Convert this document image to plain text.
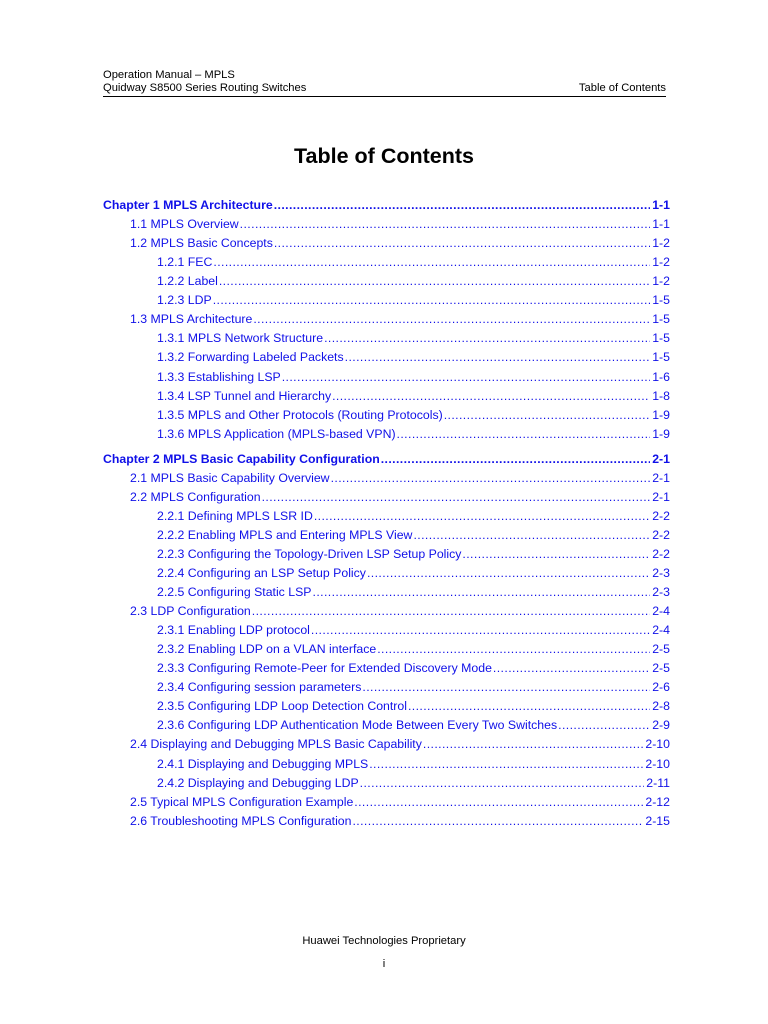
Operation Manual – MPLS
Quidway S8500 Series Routing Switches	Table of Contents
Table of Contents
Chapter 1 MPLS Architecture .....	1-1
1.1 MPLS Overview .....	1-1
1.2 MPLS Basic Concepts .....	1-2
1.2.1 FEC .....	1-2
1.2.2 Label .....	1-2
1.2.3 LDP .....	1-5
1.3 MPLS Architecture .....	1-5
1.3.1 MPLS Network Structure .....	1-5
1.3.2 Forwarding Labeled Packets .....	1-5
1.3.3 Establishing LSP .....	1-6
1.3.4 LSP Tunnel and Hierarchy .....	1-8
1.3.5 MPLS and Other Protocols (Routing Protocols) .....	1-9
1.3.6 MPLS Application (MPLS-based VPN) .....	1-9
Chapter 2 MPLS Basic Capability Configuration .....	2-1
2.1 MPLS Basic Capability Overview .....	2-1
2.2 MPLS Configuration .....	2-1
2.2.1 Defining MPLS LSR ID .....	2-2
2.2.2 Enabling MPLS and Entering MPLS View .....	2-2
2.2.3 Configuring the Topology-Driven LSP Setup Policy .....	2-2
2.2.4 Configuring an LSP Setup Policy .....	2-3
2.2.5 Configuring Static LSP .....	2-3
2.3 LDP Configuration .....	2-4
2.3.1 Enabling LDP protocol .....	2-4
2.3.2 Enabling LDP on a VLAN interface .....	2-5
2.3.3 Configuring Remote-Peer for Extended Discovery Mode .....	2-5
2.3.4 Configuring session parameters .....	2-6
2.3.5 Configuring LDP Loop Detection Control .....	2-8
2.3.6 Configuring LDP Authentication Mode Between Every Two Switches .....	2-9
2.4 Displaying and Debugging MPLS Basic Capability .....	2-10
2.4.1 Displaying and Debugging MPLS .....	2-10
2.4.2 Displaying and Debugging LDP .....	2-11
2.5 Typical MPLS Configuration Example .....	2-12
2.6 Troubleshooting MPLS Configuration .....	2-15
Huawei Technologies Proprietary
i
